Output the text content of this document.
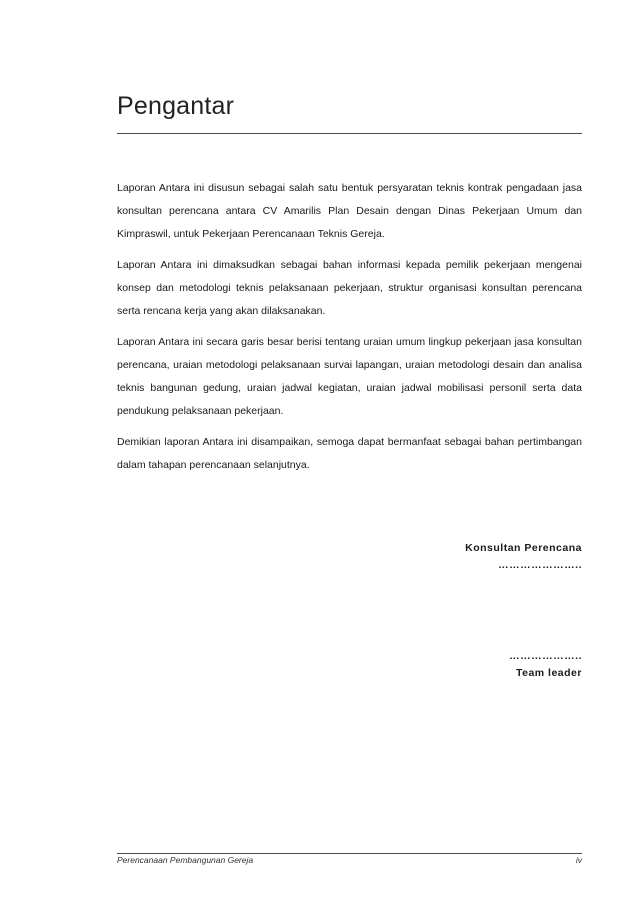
Pengantar

Laporan Antara ini disusun sebagai salah satu bentuk persyaratan teknis kontrak pengadaan jasa konsultan perencana antara CV Amarilis Plan Desain dengan Dinas Pekerjaan Umum dan Kimpraswil, untuk Pekerjaan Perencanaan Teknis Gereja.

Laporan Antara ini dimaksudkan sebagai bahan informasi kepada pemilik pekerjaan mengenai konsep dan metodologi teknis pelaksanaan pekerjaan, struktur organisasi konsultan perencana serta rencana kerja yang akan dilaksanakan.

Laporan Antara ini secara garis besar berisi tentang uraian umum lingkup pekerjaan jasa konsultan perencana, uraian metodologi pelaksanaan survai lapangan, uraian metodologi desain dan analisa teknis bangunan gedung, uraian jadwal kegiatan, uraian jadwal mobilisasi personil serta data pendukung pelaksanaan pekerjaan.

Demikian laporan Antara ini disampaikan, semoga dapat bermanfaat sebagai bahan pertimbangan dalam tahapan perencanaan selanjutnya.

Konsultan Perencana
…………………..
………………..
Team leader
Perencanaan Pembangunan Gereja	iv
